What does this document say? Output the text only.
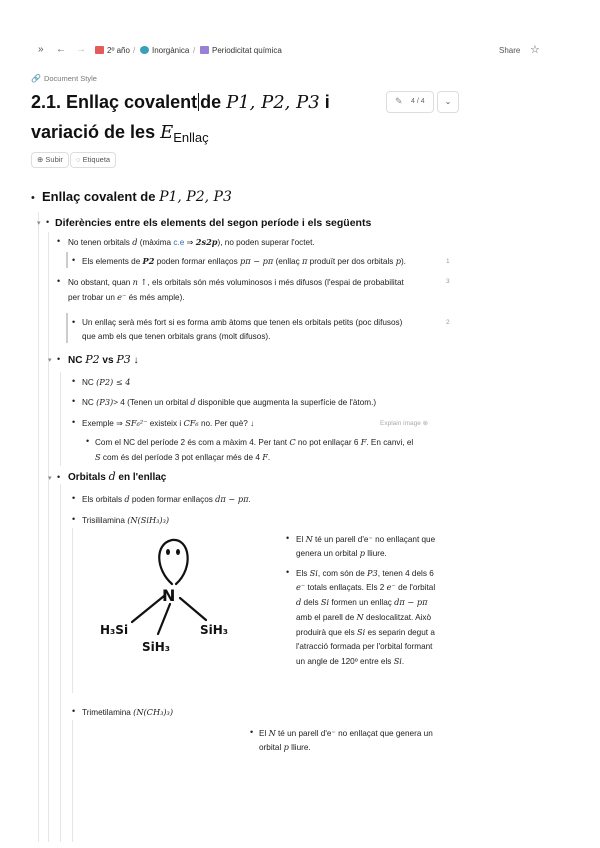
» ← →	2º año /	Inorgànica /	Periodicitat química	Share ☆
🔗 Document Style
2.1. Enllaç covalent de P1, P2, P3 i
variació de les $E_{Enllaç}$
✎ 4 / 4	⌄
⊕ Subir	◌ Etiqueta
• Enllaç covalent de P1, P2, P3
▾ • Diferències entre els elements del segon període i els següents
• No tenen orbitals d (màxima c.e ⇒ 2s2p), no poden superar l'octet.
• Els elements de P2 poden formar enllaços pπ − pπ (enllaç π produït per dos orbitals p).	1
• No obstant, quan n ↑, els orbitals són més voluminosos i més difusos (l'espai de probabilitat
per trobar un e⁻ és més ample).
3
• Un enllaç serà més fort si es forma amb àtoms que tenen els orbitals petits (poc difusos)
que amb els que tenen orbitals grans (molt difusos).
2
▾ • NC P2 vs P3 ↓
• NC (P2) ≤ 4
• NC (P3)> 4 (Tenen un orbital d disponible que augmenta la superfície de l'àtom.)
• Exemple ⇒ SF₆²⁻ existeix i CF₆ no. Per què? ↓	Explain image ⊗
• Com el NC del període 2 és com a màxim 4. Per tant C no pot enllaçar 6 F. En canvi, el
S com és del període 3 pot enllaçar més de 4 F.
▾ • Orbitals d en l'enllaç
• Els orbitals d poden formar enllaços dπ − pπ.
• Trisililamina (N(SiH₃)₃)
N
H₃Si
SiH₃
SiH₃
• El N té un parell d'e⁻ no enllaçant que
genera un orbital p lliure.
• Els Si, com són de P3, tenen 4 dels 6
e⁻ totals enllaçats. Els 2 e⁻ de l'orbital
d dels Si formen un enllaç dπ − pπ
amb el parell de N deslocalitzat. Això
produirà que els Si es separin degut a
l'atracció formada per l'orbital formant
un angle de 120º entre els Si.
• Trimetilamina (N(CH₃)₃)
• El N té un parell d'e⁻ no enllaçat que genera un
orbital p lliure.
